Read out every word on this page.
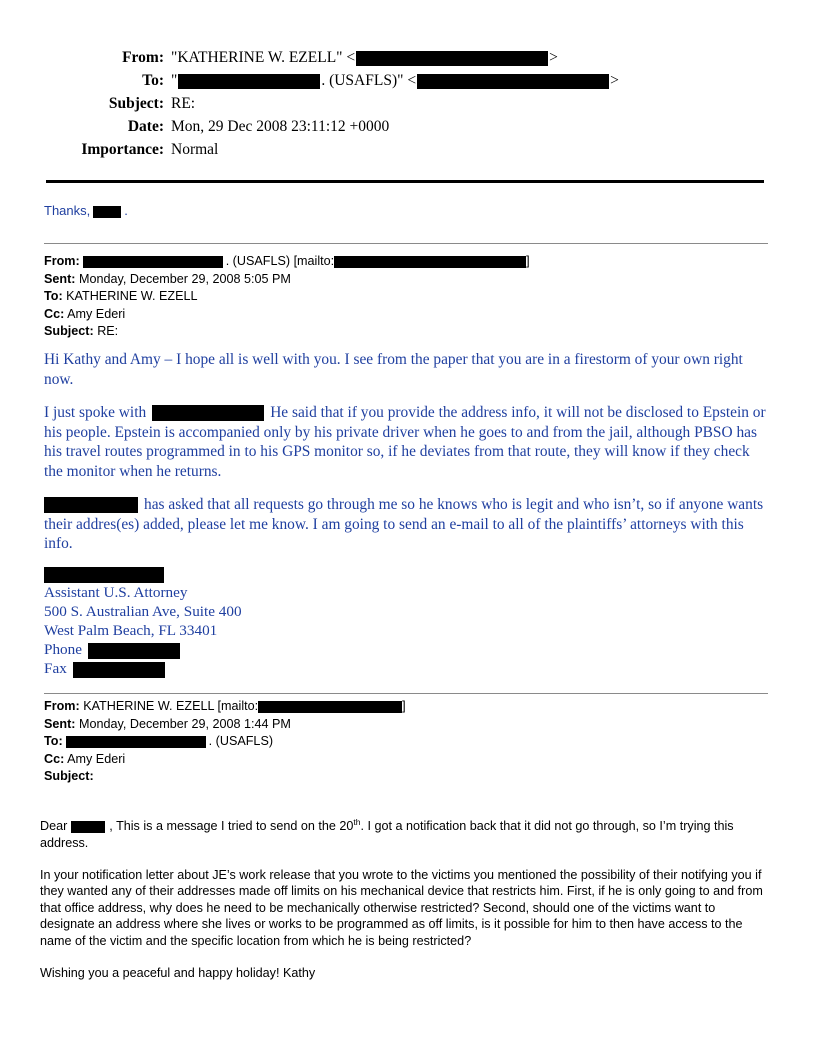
From: "KATHERINE W. EZELL" <	>
To: "	. (USAFLS)" <	>
Subject: RE:
Date: Mon, 29 Dec 2008 23:11:12 +0000
Importance: Normal
Thanks,	.
From:	. (USAFLS) [mailto:	]
Sent: Monday, December 29, 2008 5:05 PM
To: KATHERINE W. EZELL
Cc: Amy Ederi
Subject: RE:

Hi Kathy and Amy – I hope all is well with you. I see from the paper that you are in a firestorm of your own right now.

I just spoke with	He said that if you provide the address info, it will not be disclosed to Epstein or his people. Epstein is accompanied only by his private driver when he goes to and from the jail, although PBSO has his travel routes programmed in to his GPS monitor so, if he deviates from that route, they will know if they check the monitor when he returns.

has asked that all requests go through me so he knows who is legit and who isn’t, so if anyone wants their addres(es) added, please let me know. I am going to send an e-mail to all of the plaintiffs’ attorneys with this info.

Assistant U.S. Attorney
500 S. Australian Ave, Suite 400
West Palm Beach, FL 33401
Phone
Fax
From: KATHERINE W. EZELL [mailto:	]
Sent: Monday, December 29, 2008 1:44 PM
To:	. (USAFLS)
Cc: Amy Ederi
Subject:

Dear	, This is a message I tried to send on the 20th. I got a notification back that it did not go through, so I’m trying this address.

In your notification letter about JE’s work release that you wrote to the victims you mentioned the possibility of their notifying you if they wanted any of their addresses made off limits on his mechanical device that restricts him. First, if he is only going to and from that office address, why does he need to be mechanically otherwise restricted? Second, should one of the victims want to designate an address where she lives or works to be programmed as off limits, is it possible for him to then have access to the name of the victim and the specific location from which he is being restricted?

Wishing you a peaceful and happy holiday! Kathy
